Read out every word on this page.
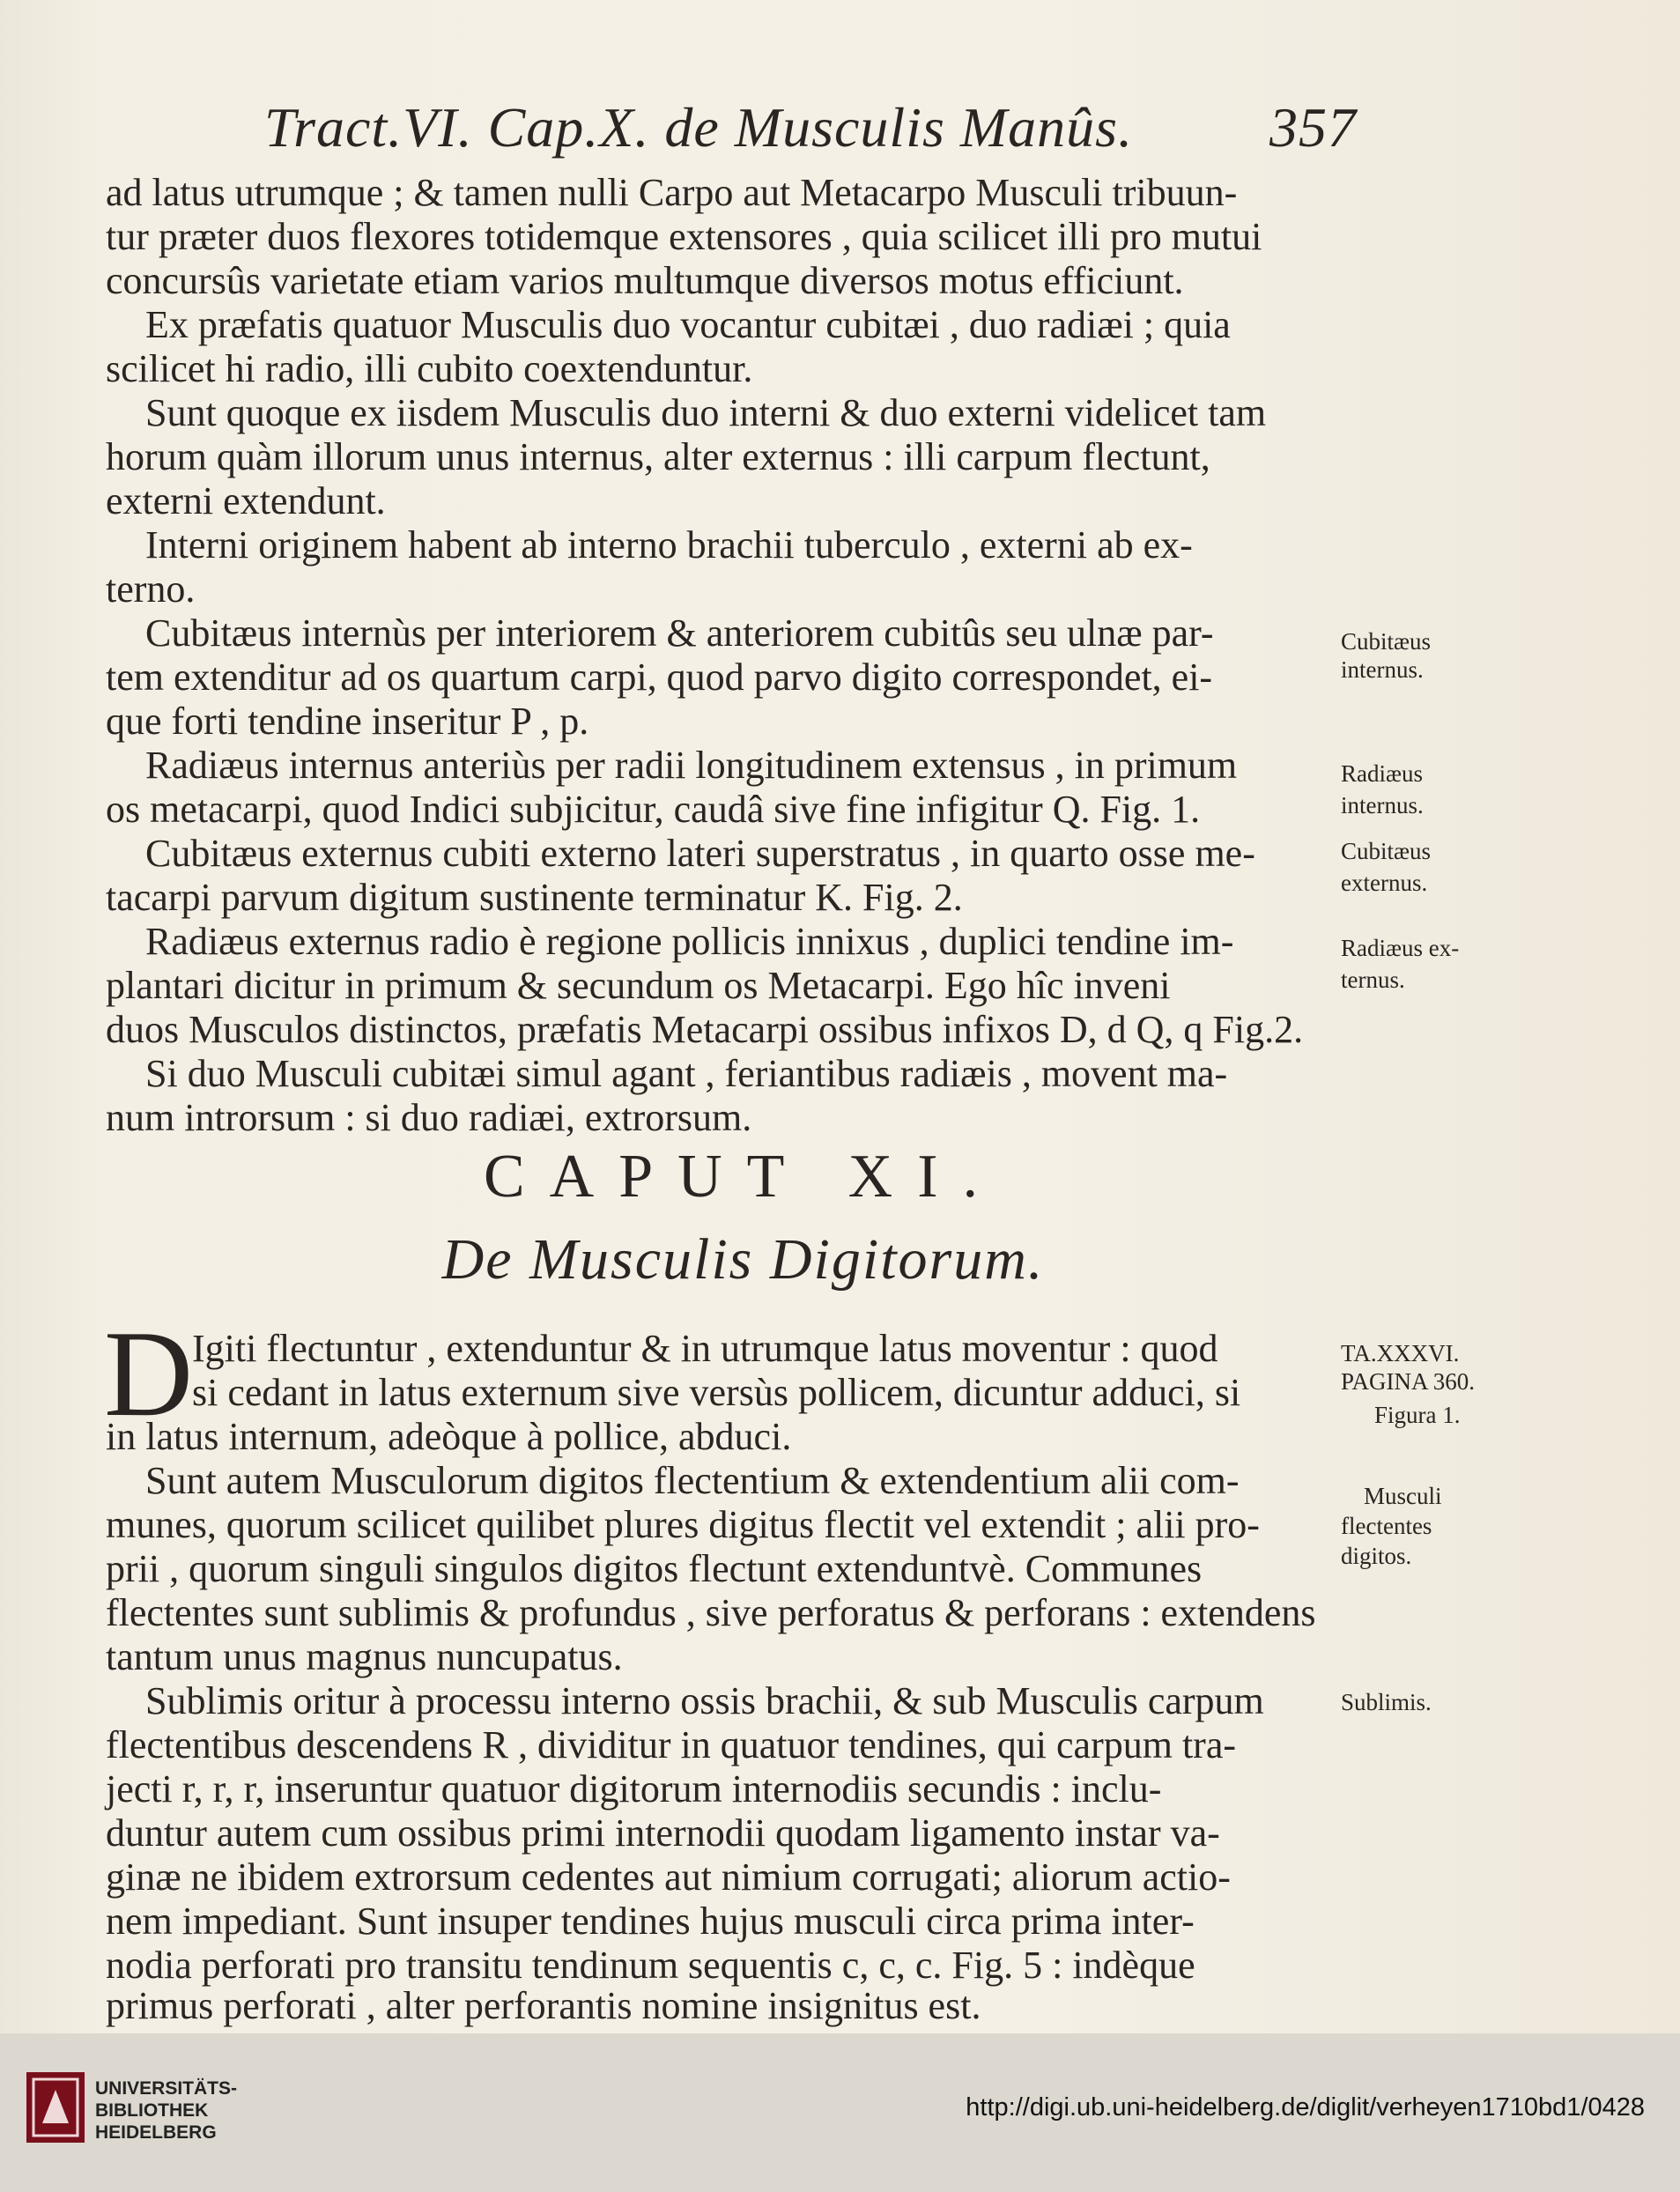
Tract.VI. Cap.X. de Musculis Manûs. 357
ad latus utrumque ; & tamen nulli Carpo aut Metacarpo Musculi tribuun-
tur præter duos flexores totidemque extensores , quia scilicet illi pro mutui
concursûs varietate etiam varios multumque diversos motus efficiunt.
Ex præfatis quatuor Musculis duo vocantur cubitæi , duo radiæi ; quia
scilicet hi radio, illi cubito coextenduntur.
Sunt quoque ex iisdem Musculis duo interni & duo externi videlicet tam
horum quàm illorum unus internus, alter externus : illi carpum flectunt,
externi extendunt.
Interni originem habent ab interno brachii tuberculo , externi ab ex-
terno.
Cubitæus internùs per interiorem & anteriorem cubitûs seu ulnæ par-
tem extenditur ad os quartum carpi, quod parvo digito correspondet, ei-
que forti tendine inseritur P , p.
Radiæus internus anteriùs per radii longitudinem extensus , in primum
os metacarpi, quod Indici subjicitur, caudâ sive fine infigitur Q. Fig. 1.
Cubitæus externus cubiti externo lateri superstratus , in quarto osse me-
tacarpi parvum digitum sustinente terminatur K. Fig. 2.
Radiæus externus radio è regione pollicis innixus , duplici tendine im-
plantari dicitur in primum & secundum os Metacarpi. Ego hîc inveni
duos Musculos distinctos, præfatis Metacarpi ossibus infixos D, d Q, q Fig.2.
Si duo Musculi cubitæi simul agant , feriantibus radiæis , movent ma-
num introrsum : si duo radiæi, extrorsum.
CAPUT XI.
De Musculis Digitorum.
D
Igiti flectuntur , extenduntur & in utrumque latus moventur : quod
si cedant in latus externum sive versùs pollicem, dicuntur adduci, si
in latus internum, adeòque à pollice, abduci.
Sunt autem Musculorum digitos flectentium & extendentium alii com-
munes, quorum scilicet quilibet plures digitus flectit vel extendit ; alii pro-
prii , quorum singuli singulos digitos flectunt extenduntvè. Communes
flectentes sunt sublimis & profundus , sive perforatus & perforans : extendens
tantum unus magnus nuncupatus.
Sublimis oritur à processu interno ossis brachii, & sub Musculis carpum
flectentibus descendens R , dividitur in quatuor tendines, qui carpum tra-
jecti r, r, r, inseruntur quatuor digitorum internodiis secundis : inclu-
duntur autem cum ossibus primi internodii quodam ligamento instar va-
ginæ ne ibidem extrorsum cedentes aut nimium corrugati; aliorum actio-
nem impediant. Sunt insuper tendines hujus musculi circa prima inter-
nodia perforati pro transitu tendinum sequentis c, c, c. Fig. 5 : indèque
primus perforati , alter perforantis nomine insignitus est.
Cubitæus
internus.
Radiæus
internus.
Cubitæus
externus.
Radiæus ex-
ternus.
TA.XXXVI.
PAGINA 360.
Figura 1.
Musculi
flectentes
digitos.
Sublimis.
UNIVERSITÄTS-
BIBLIOTHEK
HEIDELBERG
http://digi.ub.uni-heidelberg.de/diglit/verheyen1710bd1/0428
